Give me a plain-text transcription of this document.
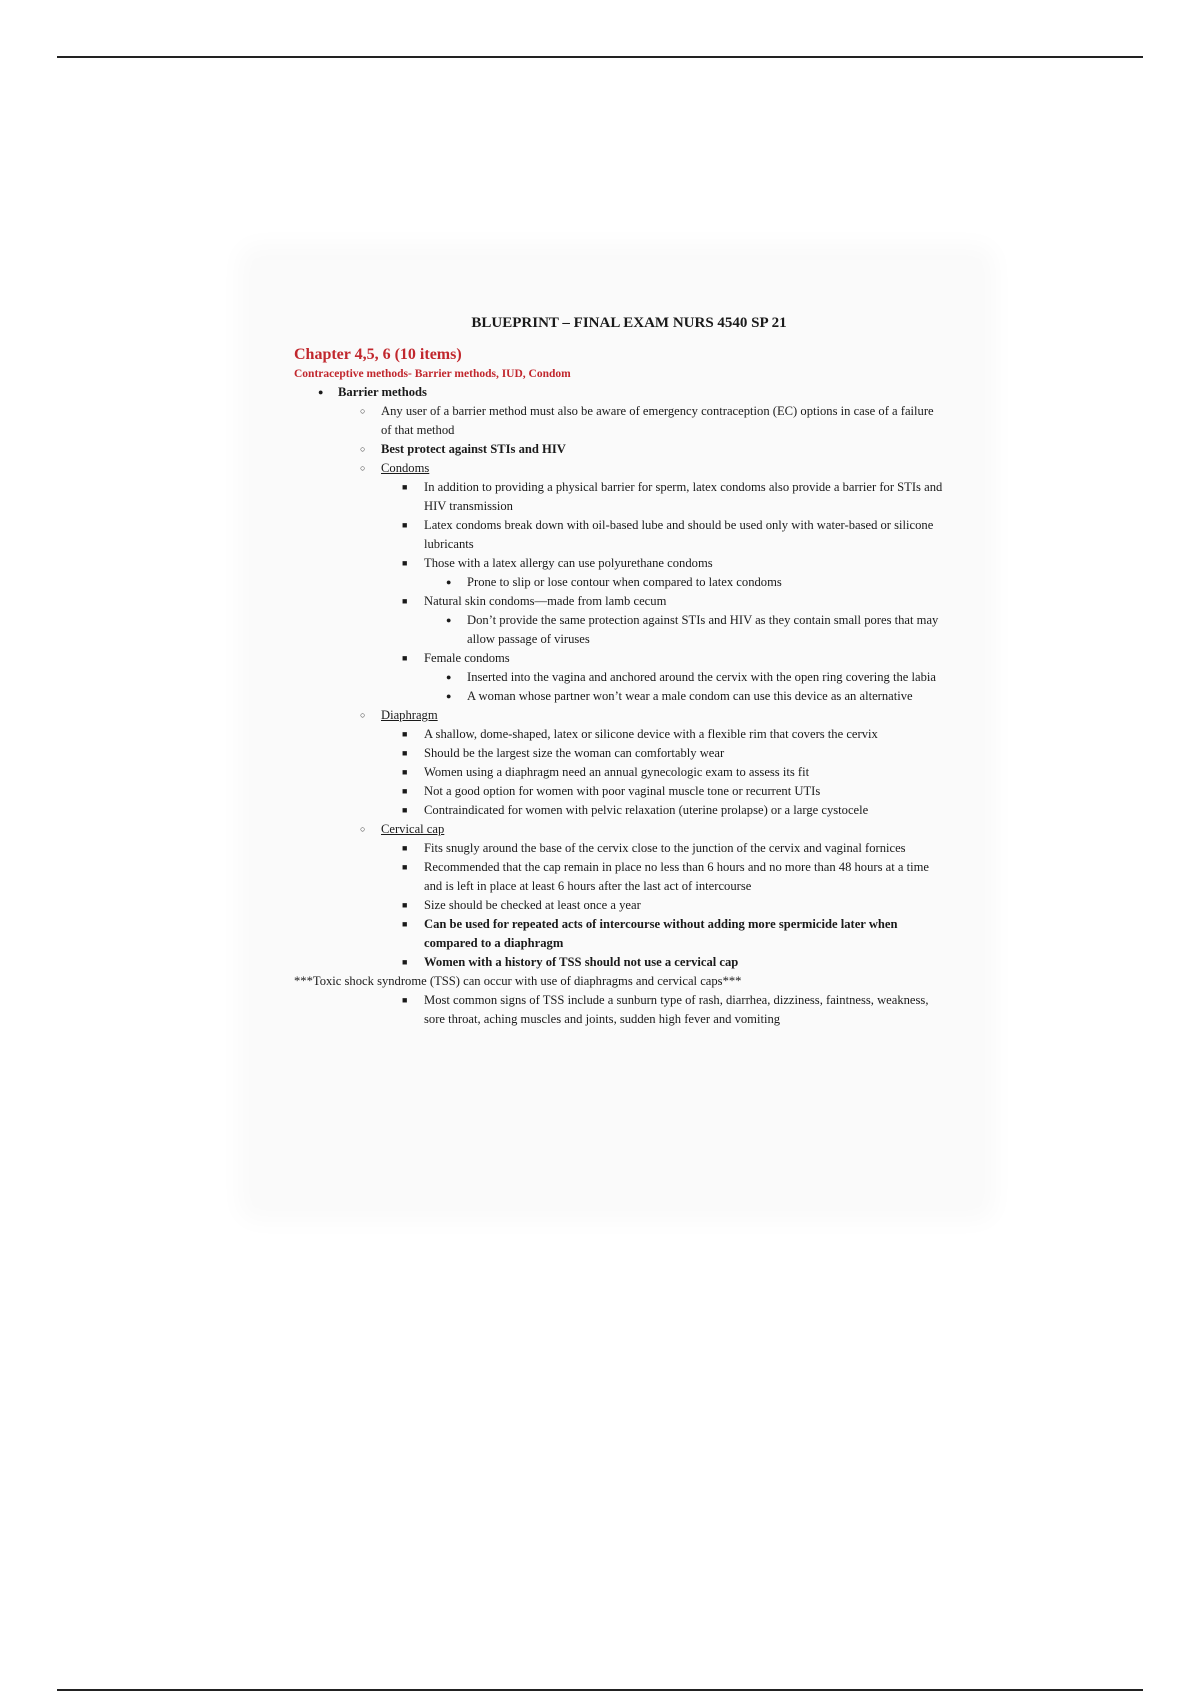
BLUEPRINT – FINAL EXAM NURS 4540 SP 21
Chapter 4,5, 6 (10 items)
Contraceptive methods- Barrier methods, IUD, Condom
● Barrier methods
○ Any user of a barrier method must also be aware of emergency contraception (EC) options in case of a failure of that method
○ Best protect against STIs and HIV
○ Condoms
■ In addition to providing a physical barrier for sperm, latex condoms also provide a barrier for STIs and HIV transmission
■ Latex condoms break down with oil-based lube and should be used only with water-based or silicone lubricants
■ Those with a latex allergy can use polyurethane condoms
● Prone to slip or lose contour when compared to latex condoms
■ Natural skin condoms—made from lamb cecum
● Don’t provide the same protection against STIs and HIV as they contain small pores that may allow passage of viruses
■ Female condoms
● Inserted into the vagina and anchored around the cervix with the open ring covering the labia
● A woman whose partner won’t wear a male condom can use this device as an alternative
○ Diaphragm
■ A shallow, dome-shaped, latex or silicone device with a flexible rim that covers the cervix
■ Should be the largest size the woman can comfortably wear
■ Women using a diaphragm need an annual gynecologic exam to assess its fit
■ Not a good option for women with poor vaginal muscle tone or recurrent UTIs
■ Contraindicated for women with pelvic relaxation (uterine prolapse) or a large cystocele
○ Cervical cap
■ Fits snugly around the base of the cervix close to the junction of the cervix and vaginal fornices
■ Recommended that the cap remain in place no less than 6 hours and no more than 48 hours at a time and is left in place at least 6 hours after the last act of intercourse
■ Size should be checked at least once a year
■ Can be used for repeated acts of intercourse without adding more spermicide later when compared to a diaphragm
■ Women with a history of TSS should not use a cervical cap
***Toxic shock syndrome (TSS) can occur with use of diaphragms and cervical caps***
■ Most common signs of TSS include a sunburn type of rash, diarrhea, dizziness, faintness, weakness, sore throat, aching muscles and joints, sudden high fever and vomiting
